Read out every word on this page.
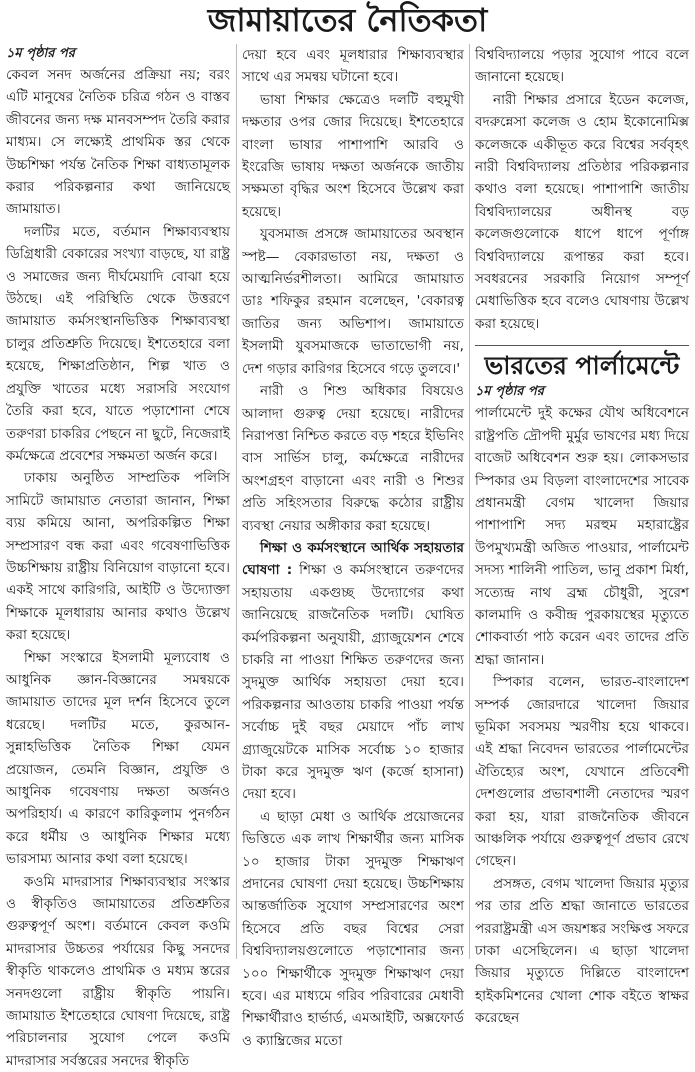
জামায়াতের নৈতিকতা
১ম পৃষ্ঠার পর

কেবল সনদ অর্জনের প্রক্রিয়া নয়; বরং এটি মানুষের নৈতিক চরিত্র গঠন ও বাস্তব জীবনের জন্য দক্ষ মানবসম্পদ তৈরি করার মাধ্যম। সে লক্ষ্যেই প্রাথমিক স্তর থেকে উচ্চশিক্ষা পর্যন্ত নৈতিক শিক্ষা বাধ্যতামূলক করার পরিকল্পনার কথা জানিয়েছে জামায়াত।

দলটির মতে, বর্তমান শিক্ষাব্যবস্থায় ডিগ্রিধারী বেকারের সংখ্যা বাড়ছে, যা রাষ্ট্র ও সমাজের জন্য দীর্ঘমেয়াদি বোঝা হয়ে উঠছে। এই পরিস্থিতি থেকে উত্তরণে জামায়াত কর্মসংস্থানভিত্তিক শিক্ষাব্যবস্থা চালুর প্রতিশ্রুতি দিয়েছে। ইশতেহারে বলা হয়েছে, শিক্ষাপ্রতিষ্ঠান, শিল্প খাত ও প্রযুক্তি খাতের মধ্যে সরাসরি সংযোগ তৈরি করা হবে, যাতে পড়াশোনা শেষে তরুণরা চাকরির পেছনে না ছুটে, নিজেরাই কর্মক্ষেত্রে প্রবেশের সক্ষমতা অর্জন করে।

ঢাকায় অনুষ্ঠিত সাম্প্রতিক পলিসি সামিটে জামায়াত নেতারা জানান, শিক্ষা ব্যয় কমিয়ে আনা, অপরিকল্পিত শিক্ষা সম্প্রসারণ বন্ধ করা এবং গবেষণাভিত্তিক উচ্চশিক্ষায় রাষ্ট্রীয় বিনিয়োগ বাড়ানো হবে। একই সাথে কারিগরি, আইটি ও উদ্যোক্তা শিক্ষাকে মূলধারায় আনার কথাও উল্লেখ করা হয়েছে।

শিক্ষা সংস্কারে ইসলামী মূল্যবোধ ও আধুনিক জ্ঞান-বিজ্ঞানের সমন্বয়কে জামায়াত তাদের মূল দর্শন হিসেবে তুলে ধরেছে। দলটির মতে, কুরআন-সুন্নাহভিত্তিক নৈতিক শিক্ষা যেমন প্রয়োজন, তেমনি বিজ্ঞান, প্রযুক্তি ও আধুনিক গবেষণায় দক্ষতা অর্জনও অপরিহার্য। এ কারণে কারিকুলাম পুনর্গঠন করে ধর্মীয় ও আধুনিক শিক্ষার মধ্যে ভারসাম্য আনার কথা বলা হয়েছে।

কওমি মাদরাসার শিক্ষাব্যবস্থার সংস্কার ও স্বীকৃতিও জামায়াতের প্রতিশ্রুতির গুরুত্বপূর্ণ অংশ। বর্তমানে কেবল কওমি মাদরাসার উচ্চতর পর্যায়ের কিছু সনদের স্বীকৃতি থাকলেও প্রাথমিক ও মধ্যম স্তরের সনদগুলো রাষ্ট্রীয় স্বীকৃতি পায়নি। জামায়াত ইশতেহারে ঘোষণা দিয়েছে, রাষ্ট্র পরিচালনার সুযোগ পেলে কওমি মাদরাসার সর্বস্তরের সনদের স্বীকৃতি

দেয়া হবে এবং মূলধারার শিক্ষাব্যবস্থার সাথে এর সমন্বয় ঘটানো হবে।

ভাষা শিক্ষার ক্ষেত্রেও দলটি বহুমুখী দক্ষতার ওপর জোর দিয়েছে। ইশতেহারে বাংলা ভাষার পাশাপাশি আরবি ও ইংরেজি ভাষায় দক্ষতা অর্জনকে জাতীয় সক্ষমতা বৃদ্ধির অংশ হিসেবে উল্লেখ করা হয়েছে।

যুবসমাজ প্রসঙ্গে জামায়াতের অবস্থান স্পষ্ট— বেকারভাতা নয়, দক্ষতা ও আত্মনির্ভরশীলতা। আমিরে জামায়াত ডাঃ শফিকুর রহমান বলেছেন, 'বেকারত্ব জাতির জন্য অভিশাপ। জামায়াতে ইসলামী যুবসমাজকে ভাতাভোগী নয়, দেশ গড়ার কারিগর হিসেবে গড়ে তুলবে।'

নারী ও শিশু অধিকার বিষয়েও আলাদা গুরুত্ব দেয়া হয়েছে। নারীদের নিরাপত্তা নিশ্চিত করতে বড় শহরে ইভিনিং বাস সার্ভিস চালু, কর্মক্ষেত্রে নারীদের অংশগ্রহণ বাড়ানো এবং নারী ও শিশুর প্রতি সহিংসতার বিরুদ্ধে কঠোর রাষ্ট্রীয় ব্যবস্থা নেয়ার অঙ্গীকার করা হয়েছে।

শিক্ষা ও কর্মসংস্থানে আর্থিক সহায়তার ঘোষণা : শিক্ষা ও কর্মসংস্থানে তরুণদের সহায়তায় একগুচ্ছ উদ্যোগের কথা জানিয়েছে রাজনৈতিক দলটি। ঘোষিত কর্মপরিকল্পনা অনুযায়ী, গ্র্যাজুয়েশন শেষে চাকরি না পাওয়া শিক্ষিত তরুণদের জন্য সুদমুক্ত আর্থিক সহায়তা দেয়া হবে। পরিকল্পনার আওতায় চাকরি পাওয়া পর্যন্ত সর্বোচ্চ দুই বছর মেয়াদে পাঁচ লাখ গ্র্যাজুয়েটকে মাসিক সর্বোচ্চ ১০ হাজার টাকা করে সুদমুক্ত ঋণ (কর্জে হাসানা) দেয়া হবে।

এ ছাড়া মেধা ও আর্থিক প্রয়োজনের ভিত্তিতে এক লাখ শিক্ষার্থীর জন্য মাসিক ১০ হাজার টাকা সুদমুক্ত শিক্ষাঋণ প্রদানের ঘোষণা দেয়া হয়েছে। উচ্চশিক্ষায় আন্তর্জাতিক সুযোগ সম্প্রসারণের অংশ হিসেবে প্রতি বছর বিশ্বের সেরা বিশ্ববিদ্যালয়গুলোতে পড়াশোনার জন্য ১০০ শিক্ষার্থীকে সুদমুক্ত শিক্ষাঋণ দেয়া হবে। এর মাধ্যমে গরিব পরিবারের মেধাবী শিক্ষার্থীরাও হার্ভার্ড, এমআইটি, অক্সফোর্ড ও ক্যাম্ব্রিজের মতো

বিশ্ববিদ্যালয়ে পড়ার সুযোগ পাবে বলে জানানো হয়েছে।

নারী শিক্ষার প্রসারে ইডেন কলেজ, বদরুন্নেসা কলেজ ও হোম ইকোনোমিক্স কলেজকে একীভূত করে বিশ্বের সর্ববৃহৎ নারী বিশ্ববিদ্যালয় প্রতিষ্ঠার পরিকল্পনার কথাও বলা হয়েছে। পাশাপাশি জাতীয় বিশ্ববিদ্যালয়ের অধীনস্থ বড় কলেজগুলোকে ধাপে ধাপে পূর্ণাঙ্গ বিশ্ববিদ্যালয়ে রূপান্তর করা হবে। সবধরনের সরকারি নিয়োগ সম্পূর্ণ মেধাভিত্তিক হবে বলেও ঘোষণায় উল্লেখ করা হয়েছে।

ভারতের পার্লামেন্টে
১ম পৃষ্ঠার পর

পার্লামেন্টে দুই কক্ষের যৌথ অধিবেশনে রাষ্ট্রপতি দ্রৌপদী মুর্মুর ভাষণের মধ্য দিয়ে বাজেট অধিবেশন শুরু হয়। লোকসভার স্পিকার ওম বিড়লা বাংলাদেশের সাবেক প্রধানমন্ত্রী বেগম খালেদা জিয়ার পাশাপাশি সদ্য মরহুম মহারাষ্ট্রের উপমুখ্যমন্ত্রী অজিত পাওয়ার, পার্লামেন্ট সদস্য শালিনী পাতিল, ভানু প্রকাশ মির্ধা, সত্যেন্দ্র নাথ ব্রহ্ম চৌধুরী, সুরেশ কালমাদি ও কবীন্দ্র পুরকায়স্থের মৃত্যুতে শোকবার্তা পাঠ করেন এবং তাদের প্রতি শ্রদ্ধা জানান।

স্পিকার বলেন, ভারত-বাংলাদেশ সম্পর্ক জোরদারে খালেদা জিয়ার ভূমিকা সবসময় স্মরণীয় হয়ে থাকবে। এই শ্রদ্ধা নিবেদন ভারতের পার্লামেন্টের ঐতিহ্যের অংশ, যেখানে প্রতিবেশী দেশগুলোর প্রভাবশালী নেতাদের স্মরণ করা হয়, যারা রাজনৈতিক জীবনে আঞ্চলিক পর্যায়ে গুরুত্বপূর্ণ প্রভাব রেখে গেছেন।

প্রসঙ্গত, বেগম খালেদা জিয়ার মৃত্যুর পর তার প্রতি শ্রদ্ধা জানাতে ভারতের পররাষ্ট্রমন্ত্রী এস জয়শঙ্কর সংক্ষিপ্ত সফরে ঢাকা এসেছিলেন। এ ছাড়া খালেদা জিয়ার মৃত্যুতে দিল্লিতে বাংলাদেশ হাইকমিশনের খোলা শোক বইতে স্বাক্ষর করেছেন
